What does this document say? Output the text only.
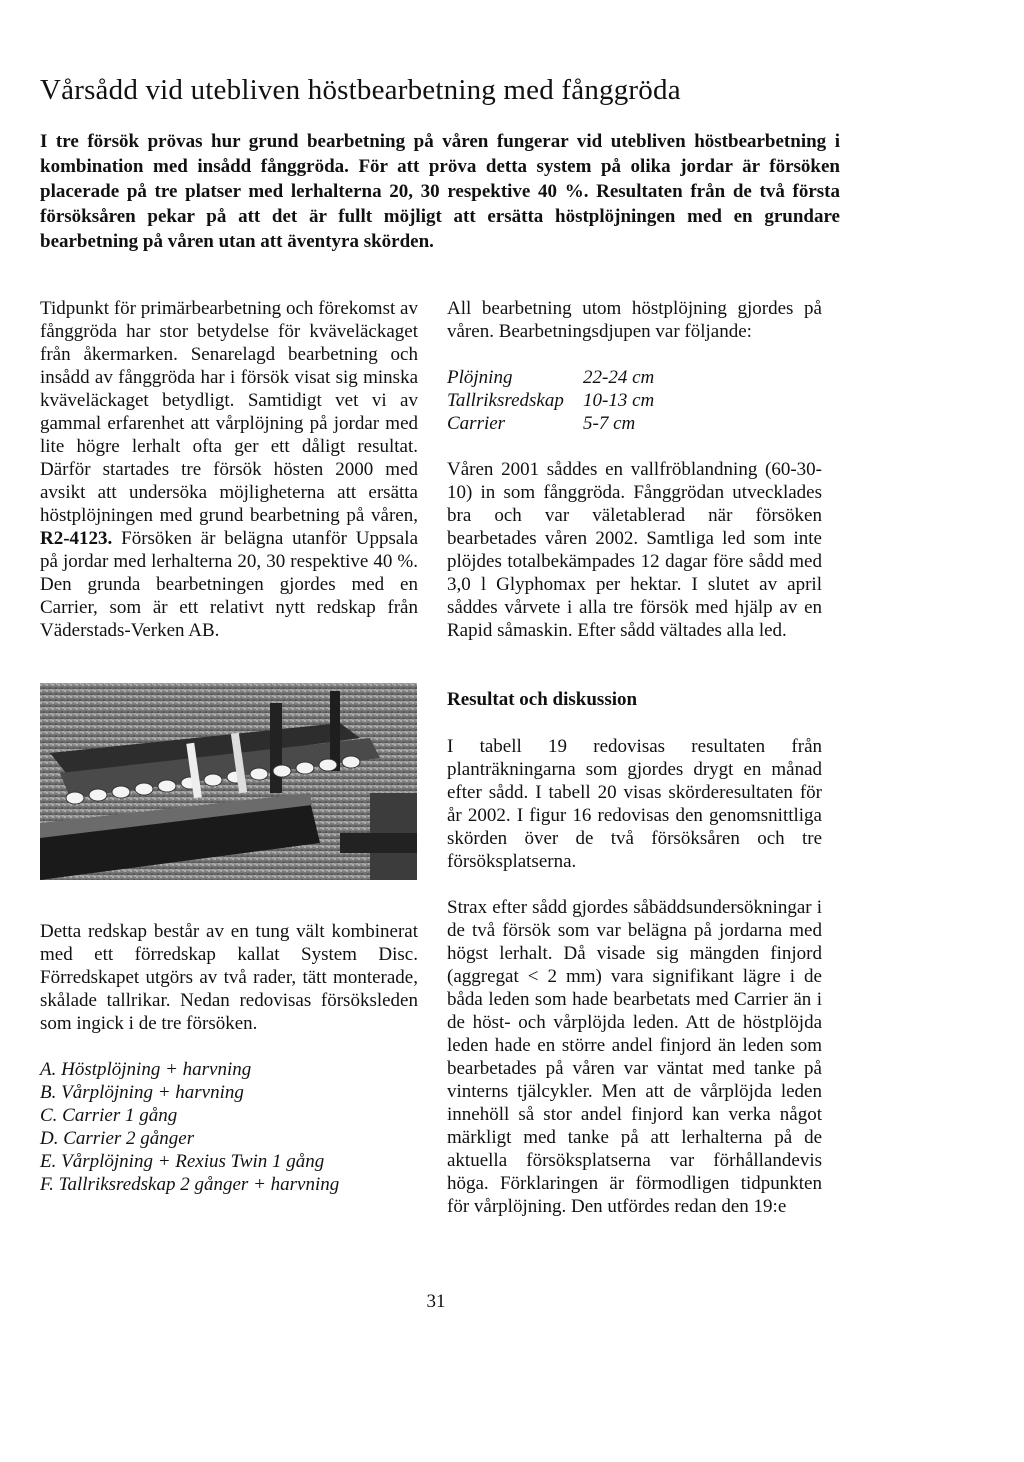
Vårsådd vid utebliven höstbearbetning med fånggröda

I tre försök prövas hur grund bearbetning på våren fungerar vid utebliven höstbearbetning i kombination med insådd fånggröda. För att pröva detta system på olika jordar är försöken placerade på tre platser med lerhalterna 20, 30 respektive 40 %. Resultaten från de två första försöksåren pekar på att det är fullt möjligt att ersätta höstplöjningen med en grundare bearbetning på våren utan att äventyra skörden.

Tidpunkt för primärbearbetning och förekomst av fånggröda har stor betydelse för kväveläckaget från åkermarken. Senarelagd bearbetning och insådd av fånggröda har i försök visat sig minska kväveläckaget betydligt. Samtidigt vet vi av gammal erfarenhet att vårplöjning på jordar med lite högre lerhalt ofta ger ett dåligt resultat. Därför startades tre försök hösten 2000 med avsikt att undersöka möjligheterna att ersätta höstplöjningen med grund bearbetning på våren, R2-4123. Försöken är belägna utanför Uppsala på jordar med lerhalterna 20, 30 respektive 40 %. Den grunda bearbetningen gjordes med en Carrier, som är ett relativt nytt redskap från Väderstads-Verken AB.

Detta redskap består av en tung vält kombinerat med ett förredskap kallat System Disc. Förredskapet utgörs av två rader, tätt monterade, skålade tallrikar. Nedan redovisas försöksleden som ingick i de tre försöken.

A. Höstplöjning + harvning
B. Vårplöjning + harvning
C. Carrier 1 gång
D. Carrier 2 gånger
E. Vårplöjning + Rexius Twin 1 gång
F. Tallriksredskap 2 gånger + harvning

All bearbetning utom höstplöjning gjordes på våren. Bearbetningsdjupen var följande:

Plöjning	22-24 cm
Tallriksredskap	10-13 cm
Carrier	5-7 cm

Våren 2001 såddes en vallfröblandning (60-30-10) in som fånggröda. Fånggrödan utvecklades bra och var väletablerad när försöken bearbetades våren 2002. Samtliga led som inte plöjdes totalbekämpades 12 dagar före sådd med 3,0 l Glyphomax per hektar. I slutet av april såddes vårvete i alla tre försök med hjälp av en Rapid såmaskin. Efter sådd vältades alla led.

Resultat och diskussion

I tabell 19 redovisas resultaten från planträkningarna som gjordes drygt en månad efter sådd. I tabell 20 visas skörderesultaten för år 2002. I figur 16 redovisas den genomsnittliga skörden över de två försöksåren och tre försöksplatserna.

Strax efter sådd gjordes såbäddsundersökningar i de två försök som var belägna på jordarna med högst lerhalt. Då visade sig mängden finjord (aggregat < 2 mm) vara signifikant lägre i de båda leden som hade bearbetats med Carrier än i de höst- och vårplöjda leden. Att de höstplöjda leden hade en större andel finjord än leden som bearbetades på våren var väntat med tanke på vinterns tjälcykler. Men att de vårplöjda leden innehöll så stor andel finjord kan verka något märkligt med tanke på att lerhalterna på de aktuella försöksplatserna var förhållandevis höga. Förklaringen är förmodligen tidpunkten för vårplöjning. Den utfördes redan den 19:e

31
